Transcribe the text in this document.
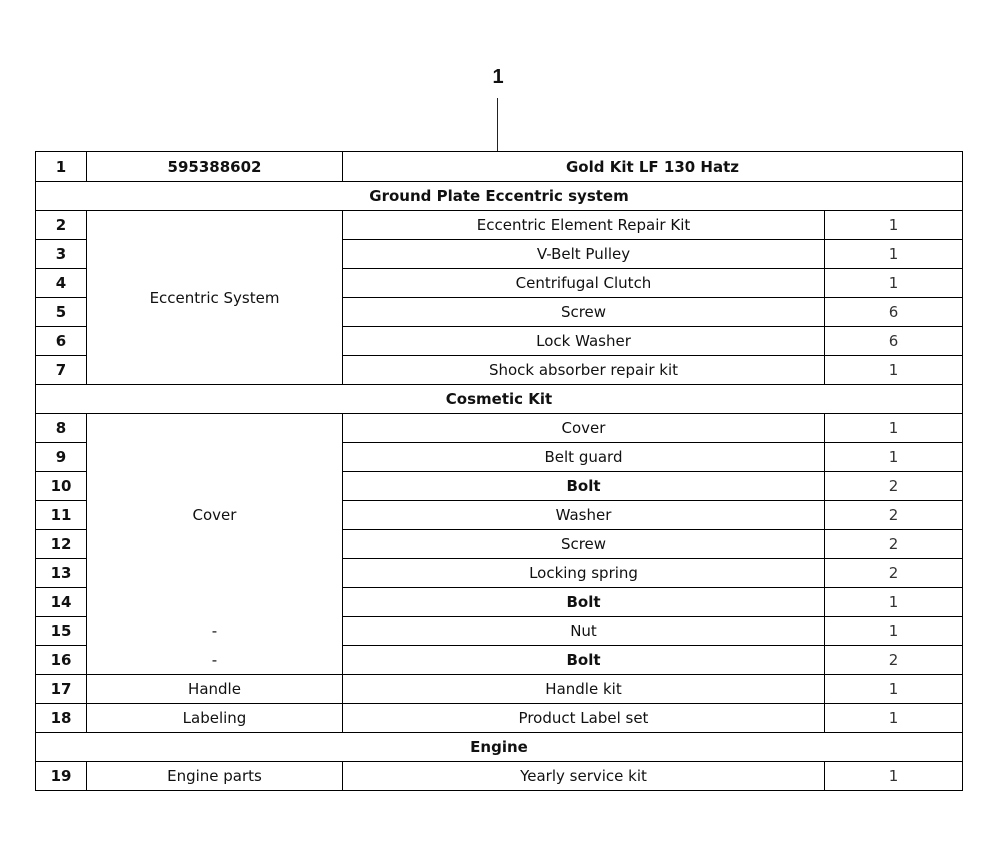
1
1	595388602	Gold Kit LF 130 Hatz	
Ground Plate Eccentric system			
2		Eccentric Element Repair Kit	1
3		V-Belt Pulley	1
4		Centrifugal Clutch	1
5	Eccentric System	Screw	6
6		Lock Washer	6
7		Shock absorber repair kit	1
Cosmetic Kit			
8		Cover	1
9		Belt guard	1
10		Bolt	2
11	Cover	Washer	2
12		Screw	2
13		Locking spring	2
14		Bolt	1
15	-	Nut	1
16	-	Bolt	2
17	Handle	Handle kit	1
18	Labeling	Product Label set	1
Engine			
19	Engine parts	Yearly service kit	1
